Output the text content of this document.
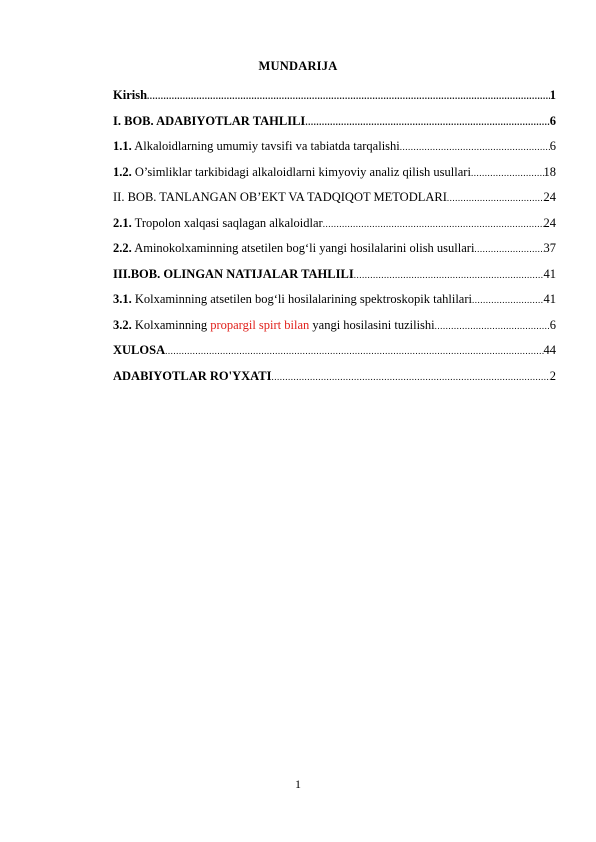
MUNDARIJA
Kirish .....	1
I. BOB. ADABIYOTLAR TAHLILI .....	6
1.1. Alkaloidlarning umumiy tavsifi va tabiatda tarqalishi .....	6
1.2. O’simliklar tarkibidagi alkaloidlarni kimyoviy analiz qilish usullari .....	18
II. BOB. TANLANGAN OB’EKT VA TADQIQOT METODLARI .....	24
2.1. Tropolon xalqasi saqlagan alkaloidlar .....	24
2.2. Aminokolxaminning atsetilen bog‘li yangi hosilalarini olish usullari .....	37
III.BOB. OLINGAN NATIJALAR TAHLILI .....	41
3.1. Kolxaminning atsetilen bog‘li hosilalarining spektroskopik tahlilari .....	41
3.2. Kolxaminning propargil spirt bilan yangi hosilasini tuzilishi .....	6
XULOSA .....	44
ADABIYOTLAR RO'YXATI .....	2
1
